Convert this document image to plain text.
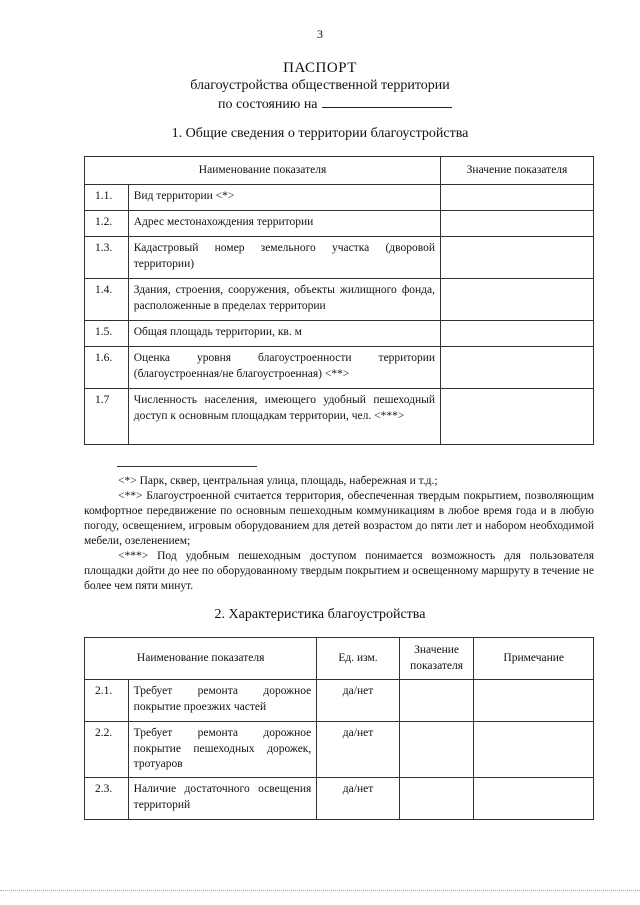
3
ПАСПОРТ
благоустройства общественной территории
по состоянию на
1. Общие сведения о территории благоустройства
Наименование показателя		Значение показателя
1.1.	Вид территории <*>	
1.2.	Адрес местонахождения территории	
1.3.	Кадастровый номер земельного участка (дворовой территории)	
1.4.	Здания, строения, сооружения, объекты жилищного фонда, расположенные в пределах территории	
1.5.	Общая площадь территории, кв. м	
1.6.	Оценка уровня благоустроенности территории (благоустроенная/не благоустроенная) <**>	
1.7	Численность населения, имеющего удобный пешеходный доступ к основным площадкам территории, чел. <***>	
<*> Парк, сквер, центральная улица, площадь, набережная и т.д.;
<**> Благоустроенной считается территория, обеспеченная твердым покрытием, позволяющим комфортное передвижение по основным пешеходным коммуникациям в любое время года и в любую погоду, освещением, игровым оборудованием для детей возрастом до пяти лет и набором необходимой мебели, озеленением;
<***> Под удобным пешеходным доступом понимается возможность для пользователя площадки дойти до нее по оборудованному твердым покрытием и освещенному маршруту в течение не более чем пяти минут.
2. Характеристика благоустройства
Наименование показателя		Ед. изм.	Значение показателя	Примечание
2.1.	Требует ремонта дорожное покрытие проезжих частей	да/нет		
2.2.	Требует ремонта дорожное покрытие пешеходных дорожек, тротуаров	да/нет		
2.3.	Наличие достаточного освещения территорий	да/нет		
